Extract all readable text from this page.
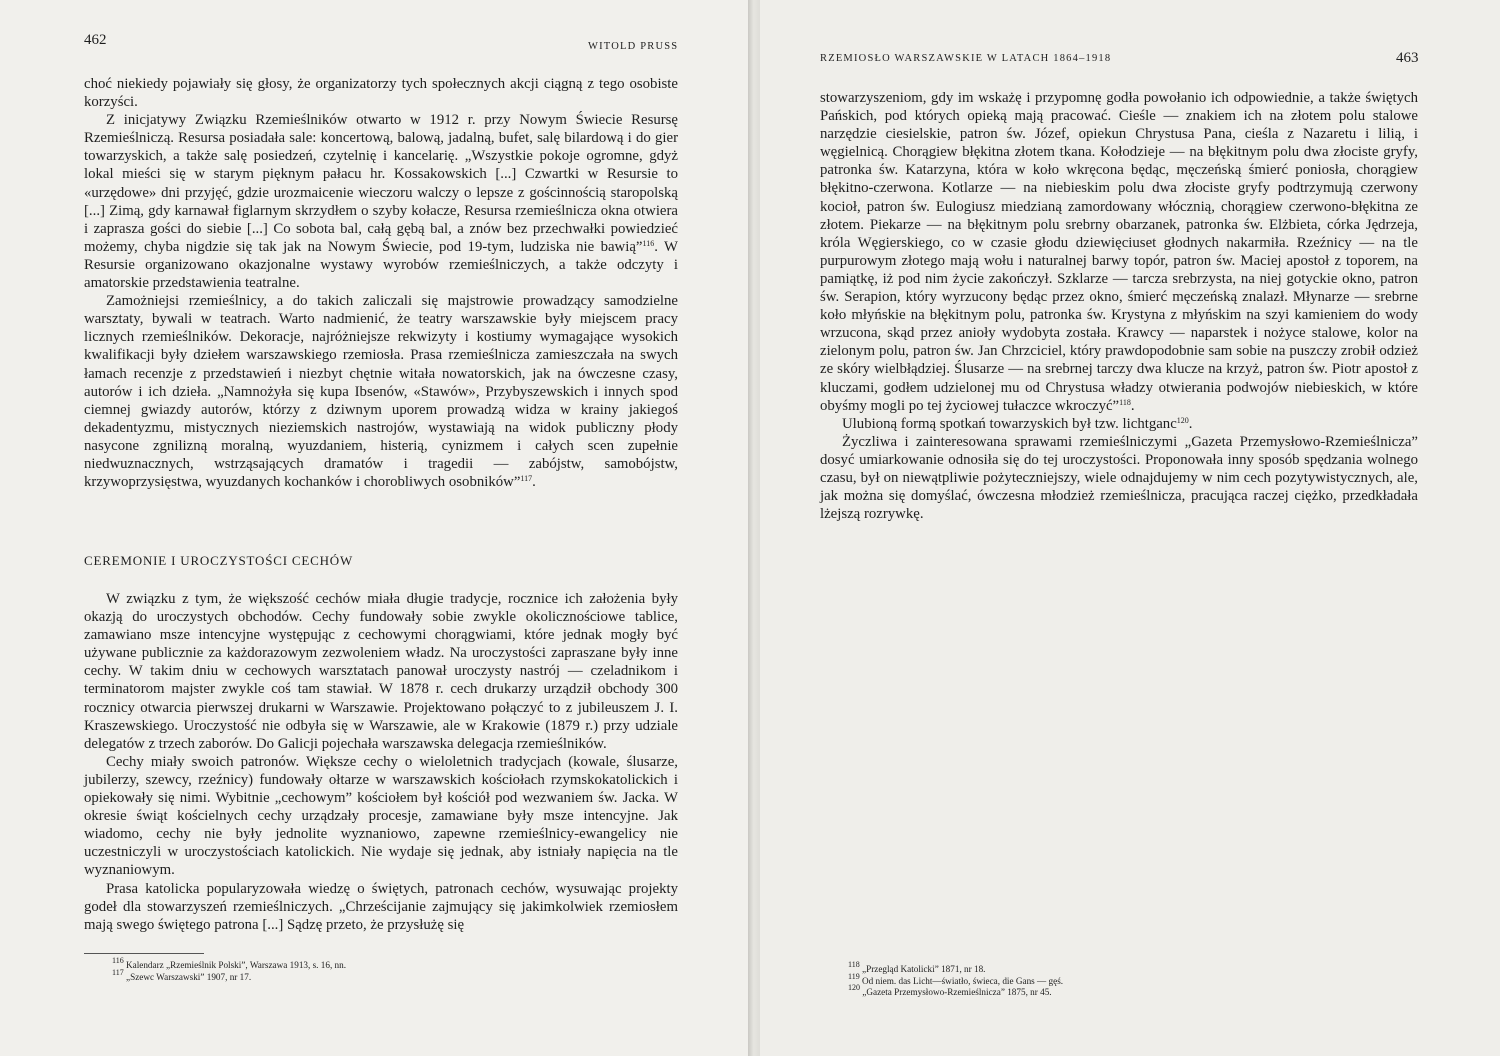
462	WITOLD PRUSS

choć niekiedy pojawiały się głosy, że organizatorzy tych społecznych akcji ciągną z tego osobiste korzyści.

Z inicjatywy Związku Rzemieślników otwarto w 1912 r. przy Nowym Świecie Resursę Rzemieślniczą. Resursa posiadała sale: koncertową, balową, jadalną, bufet, salę bilardową i do gier towarzyskich, a także salę posiedzeń, czytelnię i kancelarię. „Wszystkie pokoje ogromne, gdyż lokal mieści się w starym pięknym pałacu hr. Kossakowskich [...] Czwartki w Resursie to «urzędowe» dni przyjęć, gdzie urozmaicenie wieczoru walczy o lepsze z gościnnością staropolską [...] Zimą, gdy karnawał figlarnym skrzydłem o szyby kołacze, Resursa rzemieślnicza okna otwiera i zaprasza gości do siebie [...] Co sobota bal, całą gębą bal, a znów bez przechwałki powiedzieć możemy, chyba nigdzie się tak jak na Nowym Świecie, pod 19-tym, ludziska nie bawią”$^{116}$. W Resursie organizowano okazjonalne wystawy wyrobów rzemieślniczych, a także odczyty i amatorskie przedstawienia teatralne.

Zamożniejsi rzemieślnicy, a do takich zaliczali się majstrowie prowadzący samodzielne warsztaty, bywali w teatrach. Warto nadmienić, że teatry warszawskie były miejscem pracy licznych rzemieślników. Dekoracje, najróżniejsze rekwizyty i kostiumy wymagające wysokich kwalifikacji były dziełem warszawskiego rzemiosła. Prasa rzemieślnicza zamieszczała na swych łamach recenzje z przedstawień i niezbyt chętnie witała nowatorskich, jak na ówczesne czasy, autorów i ich dzieła. „Namnożyła się kupa Ibsenów, «Stawów», Przybyszewskich i innych spod ciemnej gwiazdy autorów, którzy z dziwnym uporem prowadzą widza w krainy jakiegoś dekadentyzmu, mistycznych nieziemskich nastrojów, wystawiają na widok publiczny płody nasycone zgnilizną moralną, wyuzdaniem, histerią, cynizmem i całych scen zupełnie niedwuznacznych, wstrząsających dramatów i tragedii — zabójstw, samobójstw, krzywoprzysięstwa, wyuzdanych kochanków i chorobliwych osobników”$^{117}$.

CEREMONIE I UROCZYSTOŚCI CECHÓW

W związku z tym, że większość cechów miała długie tradycje, rocznice ich założenia były okazją do uroczystych obchodów. Cechy fundowały sobie zwykle okolicznościowe tablice, zamawiano msze intencyjne występując z cechowymi chorągwiami, które jednak mogły być używane publicznie za każdorazowym zezwoleniem władz. Na uroczystości zapraszane były inne cechy. W takim dniu w cechowych warsztatach panował uroczysty nastrój — czeladnikom i terminatorom majster zwykle coś tam stawiał. W 1878 r. cech drukarzy urządził obchody 300 rocznicy otwarcia pierwszej drukarni w Warszawie. Projektowano połączyć to z jubileuszem J. I. Kraszewskiego. Uroczystość nie odbyła się w Warszawie, ale w Krakowie (1879 r.) przy udziale delegatów z trzech zaborów. Do Galicji pojechała warszawska delegacja rzemieślników.

Cechy miały swoich patronów. Większe cechy o wieloletnich tradycjach (kowale, ślusarze, jubilerzy, szewcy, rzeźnicy) fundowały ołtarze w warszawskich kościołach rzymskokatolickich i opiekowały się nimi. Wybitnie „cechowym” kościołem był kościół pod wezwaniem św. Jacka. W okresie świąt kościelnych cechy urządzały procesje, zamawiane były msze intencyjne. Jak wiadomo, cechy nie były jednolite wyznaniowo, zapewne rzemieślnicy-ewangelicy nie uczestniczyli w uroczystościach katolickich. Nie wydaje się jednak, aby istniały napięcia na tle wyznaniowym.

Prasa katolicka popularyzowała wiedzę o świętych, patronach cechów, wysuwając projekty godeł dla stowarzyszeń rzemieślniczych. „Chrześcijanie zajmujący się jakimkolwiek rzemiosłem mają swego świętego patrona [...] Sądzę przeto, że przysłużę się

$^{116}$ Kalendarz „Rzemieślnik Polski”, Warszawa 1913, s. 16, nn.
$^{117}$ „Szewc Warszawski” 1907, nr 17.
RZEMIOSŁO WARSZAWSKIE W LATACH 1864–1918	463

stowarzyszeniom, gdy im wskażę i przypomnę godła powołanio ich odpowiednie, a także świętych Pańskich, pod których opieką mają pracować. Cieśle — znakiem ich na złotem polu stalowe narzędzie ciesielskie, patron św. Józef, opiekun Chrystusa Pana, cieśla z Nazaretu i lilią, i węgielnicą. Chorągiew błękitna złotem tkana. Kołodzieje — na błękitnym polu dwa złociste gryfy, patronka św. Katarzyna, która w koło wkręcona będąc, męczeńską śmierć poniosła, chorągiew błękitno-czerwona. Kotlarze — na niebieskim polu dwa złociste gryfy podtrzymują czerwony kocioł, patron św. Eulogiusz miedzianą zamordowany włócznią, chorągiew czerwono-błękitna ze złotem. Piekarze — na błękitnym polu srebrny obarzanek, patronka św. Elżbieta, córka Jędrzeja, króla Węgierskiego, co w czasie głodu dziewięciuset głodnych nakarmiła. Rzeźnicy — na tle purpurowym złotego mają wołu i naturalnej barwy topór, patron św. Maciej apostoł z toporem, na pamiątkę, iż pod nim życie zakończył. Szklarze — tarcza srebrzysta, na niej gotyckie okno, patron św. Serapion, który wyrzucony będąc przez okno, śmierć męczeńską znalazł. Młynarze — srebrne koło młyńskie na błękitnym polu, patronka św. Krystyna z młyńskim na szyi kamieniem do wody wrzucona, skąd przez anioły wydobyta została. Krawcy — naparstek i nożyce stalowe, kolor na zielonym polu, patron św. Jan Chrzciciel, który prawdopodobnie sam sobie na puszczy zrobił odzież ze skóry wielbłądziej. Ślusarze — na srebrnej tarczy dwa klucze na krzyż, patron św. Piotr apostoł z kluczami, godłem udzielonej mu od Chrystusa władzy otwierania podwojów niebieskich, w które obyśmy mogli po tej życiowej tułaczce wkroczyć”$^{118}$.

Ulubioną formą spotkań towarzyskich był tzw. lichtganc$^{120}$.

Życzliwa i zainteresowana sprawami rzemieślniczymi „Gazeta Przemysłowo-Rzemieślnicza” dosyć umiarkowanie odnosiła się do tej uroczystości. Proponowała inny sposób spędzania wolnego czasu, był on niewątpliwie pożyteczniejszy, wiele odnajdujemy w nim cech pozytywistycznych, ale, jak można się domyślać, ówczesna młodzież rzemieślnicza, pracująca raczej ciężko, przedkładała lżejszą rozrywkę.

$^{118}$ „Przegląd Katolicki” 1871, nr 18.
$^{119}$ Od niem. das Licht—światło, świeca, die Gans — gęś.
$^{120}$ „Gazeta Przemysłowo-Rzemieślnicza” 1875, nr 45.
